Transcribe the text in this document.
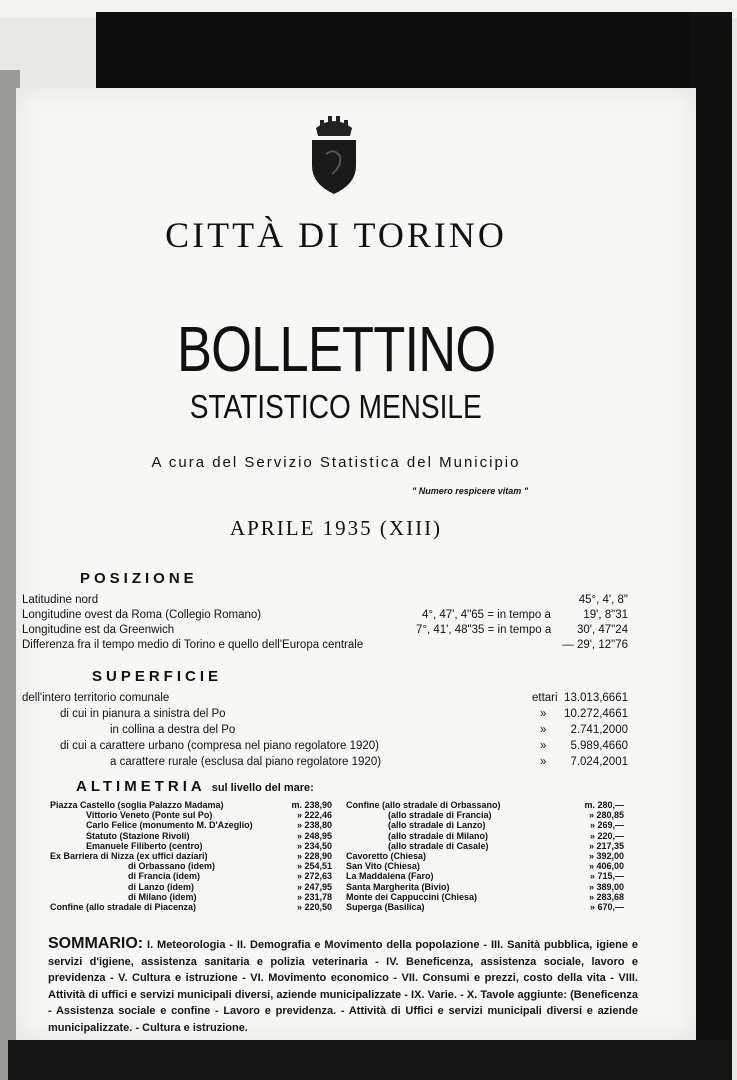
CITTÀ DI TORINO
BOLLETTINO
STATISTICO MENSILE
A cura del Servizio Statistica del Municipio
" Numero respicere vitam "
APRILE 1935 (XIII)
POSIZIONE
Latitudine nord	45°, 4', 8"
Longitudine ovest da Roma (Collegio Romano)	4°, 47', 4"65 = in tempo a	19', 8"31
Longitudine est da Greenwich	7°, 41', 48"35 = in tempo a 30', 47"24
Differenza fra il tempo medio di Torino e quello dell'Europa centrale	— 29', 12"76
SUPERFICIE
dell'intero territorio comunale	ettari 13.013,6661
di cui in pianura a sinistra del Po	» 10.272,4661
in collina a destra del Po	» 2.741,2000
di cui a carattere urbano (compresa nel piano regolatore 1920)	» 5.989,4660
a carattere rurale (esclusa dal piano regolatore 1920)	» 7.024,2001
ALTIMETRIA sul livello del mare:
Piazza Castello (soglia Palazzo Madama)	m. 238,90
Vittorio Veneto (Ponte sul Po)	» 222,46
Carlo Felice (monumento M. D'Azeglio)	» 238,80
Statuto (Stazione Rivoli)	» 248,95
Emanuele Filiberto (centro)	» 234,50
Ex Barriera di Nizza (ex uffici daziari)	» 228,90
di Orbassano (idem)	» 254,51
di Francia (idem)	» 272,63
di Lanzo (idem)	» 247,95
di Milano (idem)	» 231,78
Confine (allo stradale di Piacenza)	» 220,50
Confine (allo stradale di Orbassano)	m. 280,—
(allo stradale di Francia)	» 280,85
(allo stradale di Lanzo)	» 269,—
(allo stradale di Milano)	» 220,—
(allo stradale di Casale)	» 217,35
Cavoretto (Chiesa)	» 392,00
San Vito (Chiesa)	» 406,00
La Maddalena (Faro)	» 715,—
Santa Margherita (Bivio)	» 389,00
Monte dei Cappuccini (Chiesa)	» 283,68
Superga (Basilica)	» 670,—
SOMMARIO: I. Meteorologia - II. Demografia e Movimento della popolazione - III. Sanità pubblica, igiene e servizi d'igiene, assistenza sanitaria e polizia veterinaria - IV. Beneficenza, assistenza sociale, lavoro e previdenza - V. Cultura e istruzione - VI. Movimento economico - VII. Consumi e prezzi, costo della vita - VIII. Attività di uffici e servizi municipali diversi, aziende municipalizzate - IX. Varie. - X. Tavole aggiunte: (Beneficenza - Assistenza sociale e confine - Lavoro e previdenza. - Attività di Uffici e servizi municipali diversi e aziende municipalizzate. - Cultura e istruzione.
